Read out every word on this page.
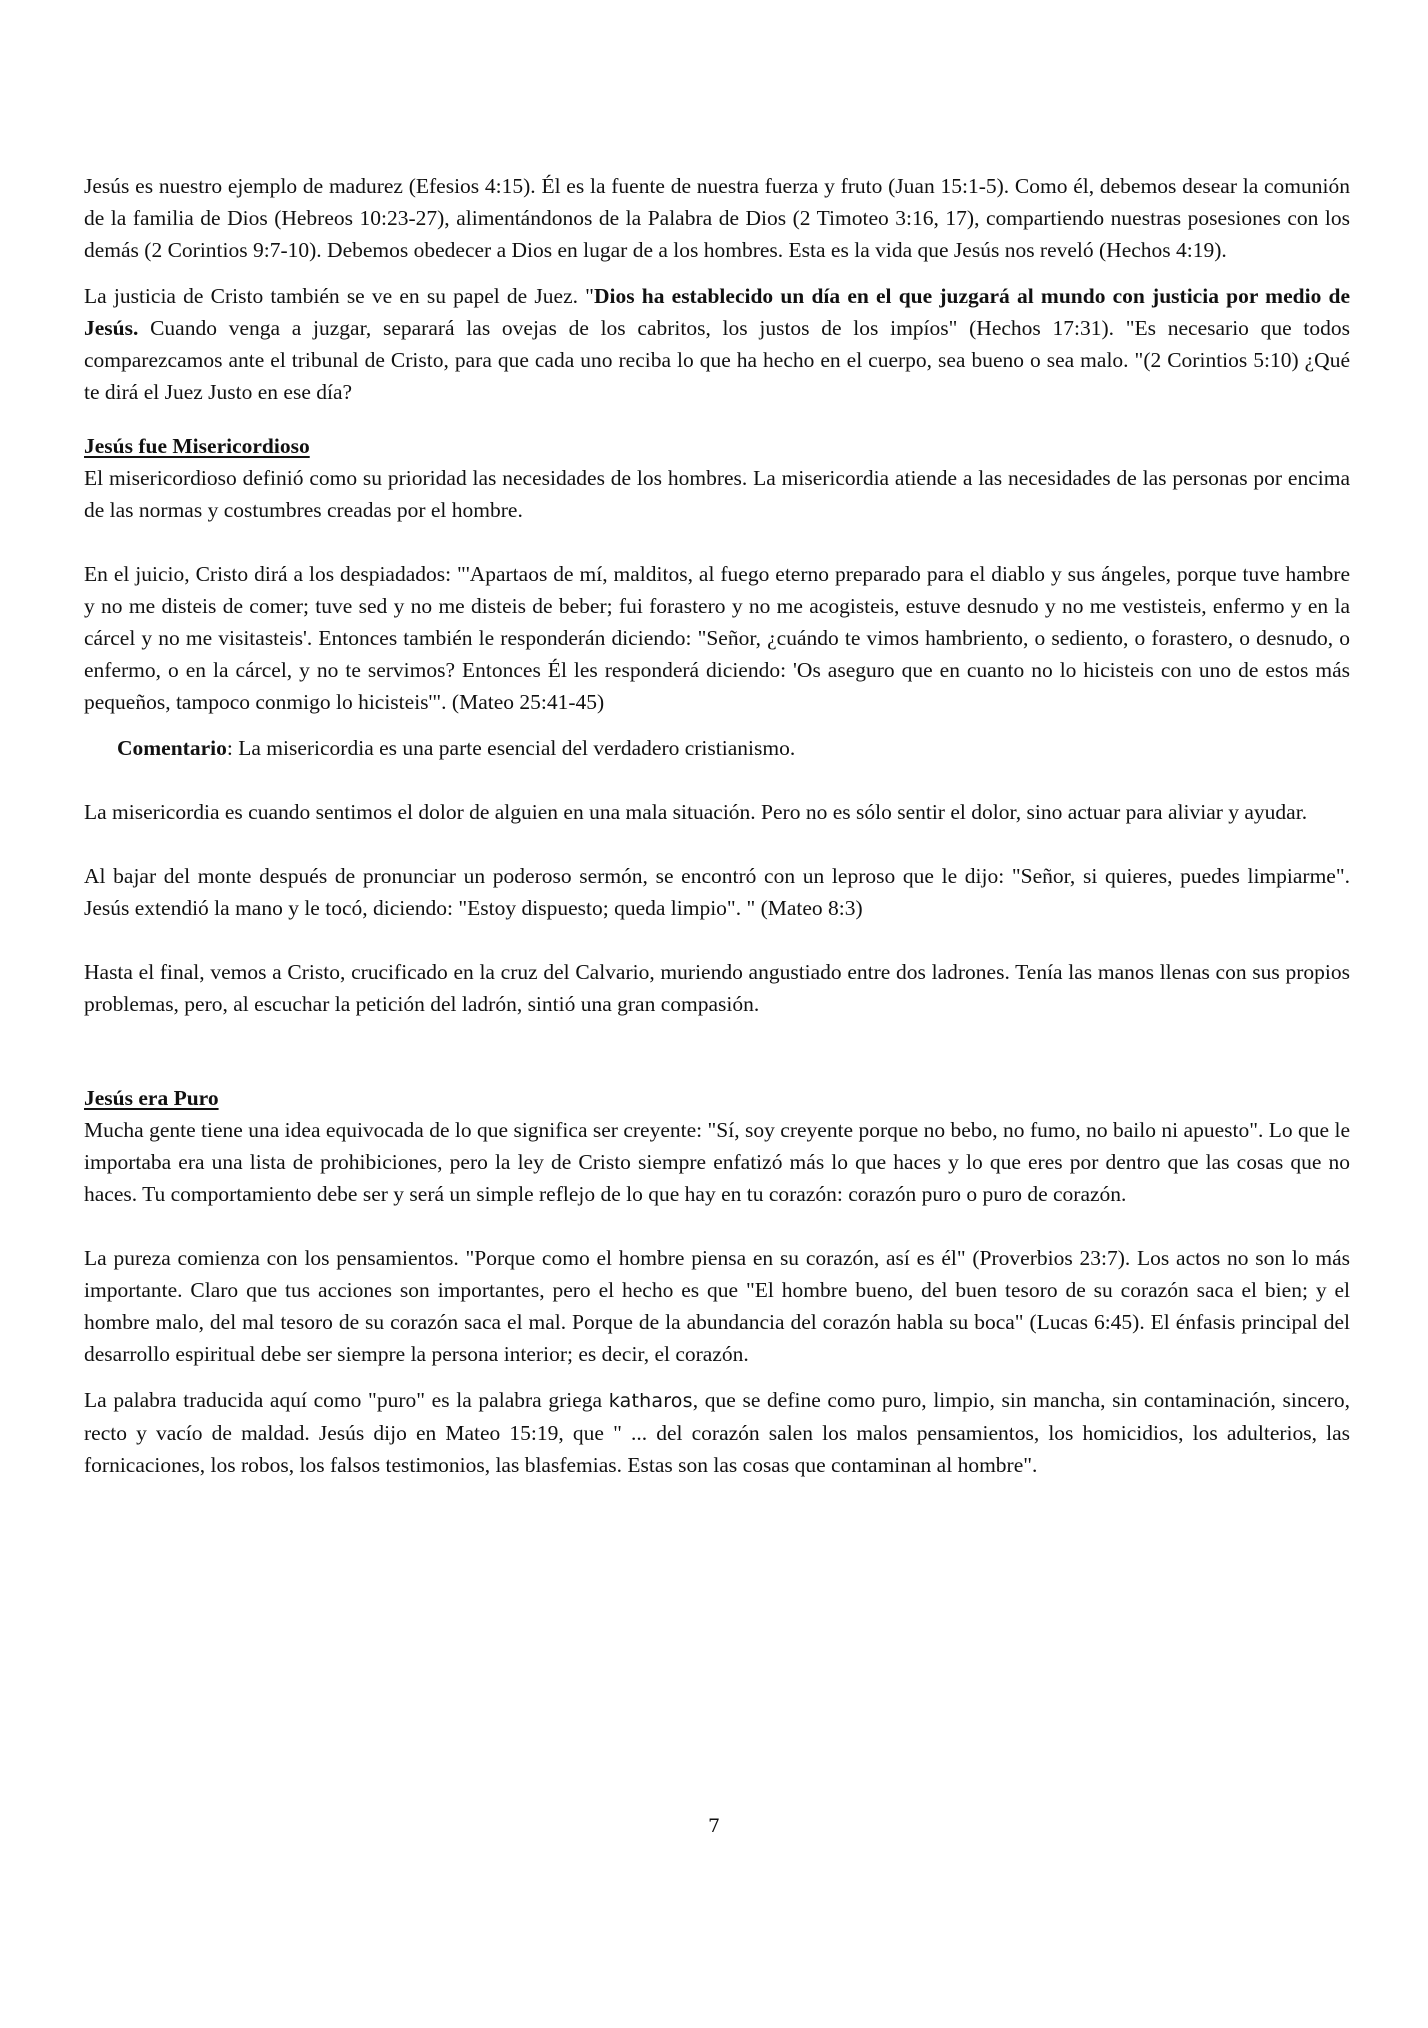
Jesús es nuestro ejemplo de madurez (Efesios 4:15). Él es la fuente de nuestra fuerza y fruto (Juan 15:1-5). Como él, debemos desear la comunión de la familia de Dios (Hebreos 10:23-27), alimentándonos de la Palabra de Dios (2 Timoteo 3:16, 17), compartiendo nuestras posesiones con los demás (2 Corintios 9:7-10). Debemos obedecer a Dios en lugar de a los hombres. Esta es la vida que Jesús nos reveló (Hechos 4:19).

La justicia de Cristo también se ve en su papel de Juez. "Dios ha establecido un día en el que juzgará al mundo con justicia por medio de Jesús. Cuando venga a juzgar, separará las ovejas de los cabritos, los justos de los impíos" (Hechos 17:31). "Es necesario que todos comparezcamos ante el tribunal de Cristo, para que cada uno reciba lo que ha hecho en el cuerpo, sea bueno o sea malo. "(2 Corintios 5:10) ¿Qué te dirá el Juez Justo en ese día?

Jesús fue Misericordioso

El misericordioso definió como su prioridad las necesidades de los hombres. La misericordia atiende a las necesidades de las personas por encima de las normas y costumbres creadas por el hombre.

En el juicio, Cristo dirá a los despiadados: "'Apartaos de mí, malditos, al fuego eterno preparado para el diablo y sus ángeles, porque tuve hambre y no me disteis de comer; tuve sed y no me disteis de beber; fui forastero y no me acogisteis, estuve desnudo y no me vestisteis, enfermo y en la cárcel y no me visitasteis'. Entonces también le responderán diciendo: "Señor, ¿cuándo te vimos hambriento, o sediento, o forastero, o desnudo, o enfermo, o en la cárcel, y no te servimos? Entonces Él les responderá diciendo: 'Os aseguro que en cuanto no lo hicisteis con uno de estos más pequeños, tampoco conmigo lo hicisteis'". (Mateo 25:41-45)

Comentario: La misericordia es una parte esencial del verdadero cristianismo.

La misericordia es cuando sentimos el dolor de alguien en una mala situación. Pero no es sólo sentir el dolor, sino actuar para aliviar y ayudar.

Al bajar del monte después de pronunciar un poderoso sermón, se encontró con un leproso que le dijo: "Señor, si quieres, puedes limpiarme". Jesús extendió la mano y le tocó, diciendo: "Estoy dispuesto; queda limpio". " (Mateo 8:3)

Hasta el final, vemos a Cristo, crucificado en la cruz del Calvario, muriendo angustiado entre dos ladrones. Tenía las manos llenas con sus propios problemas, pero, al escuchar la petición del ladrón, sintió una gran compasión.

Jesús era Puro

Mucha gente tiene una idea equivocada de lo que significa ser creyente: "Sí, soy creyente porque no bebo, no fumo, no bailo ni apuesto". Lo que le importaba era una lista de prohibiciones, pero la ley de Cristo siempre enfatizó más lo que haces y lo que eres por dentro que las cosas que no haces. Tu comportamiento debe ser y será un simple reflejo de lo que hay en tu corazón: corazón puro o puro de corazón.

La pureza comienza con los pensamientos. "Porque como el hombre piensa en su corazón, así es él" (Proverbios 23:7). Los actos no son lo más importante. Claro que tus acciones son importantes, pero el hecho es que "El hombre bueno, del buen tesoro de su corazón saca el bien; y el hombre malo, del mal tesoro de su corazón saca el mal. Porque de la abundancia del corazón habla su boca" (Lucas 6:45). El énfasis principal del desarrollo espiritual debe ser siempre la persona interior; es decir, el corazón.

La palabra traducida aquí como "puro" es la palabra griega katharos, que se define como puro, limpio, sin mancha, sin contaminación, sincero, recto y vacío de maldad. Jesús dijo en Mateo 15:19, que " ... del corazón salen los malos pensamientos, los homicidios, los adulterios, las fornicaciones, los robos, los falsos testimonios, las blasfemias. Estas son las cosas que contaminan al hombre".

7
